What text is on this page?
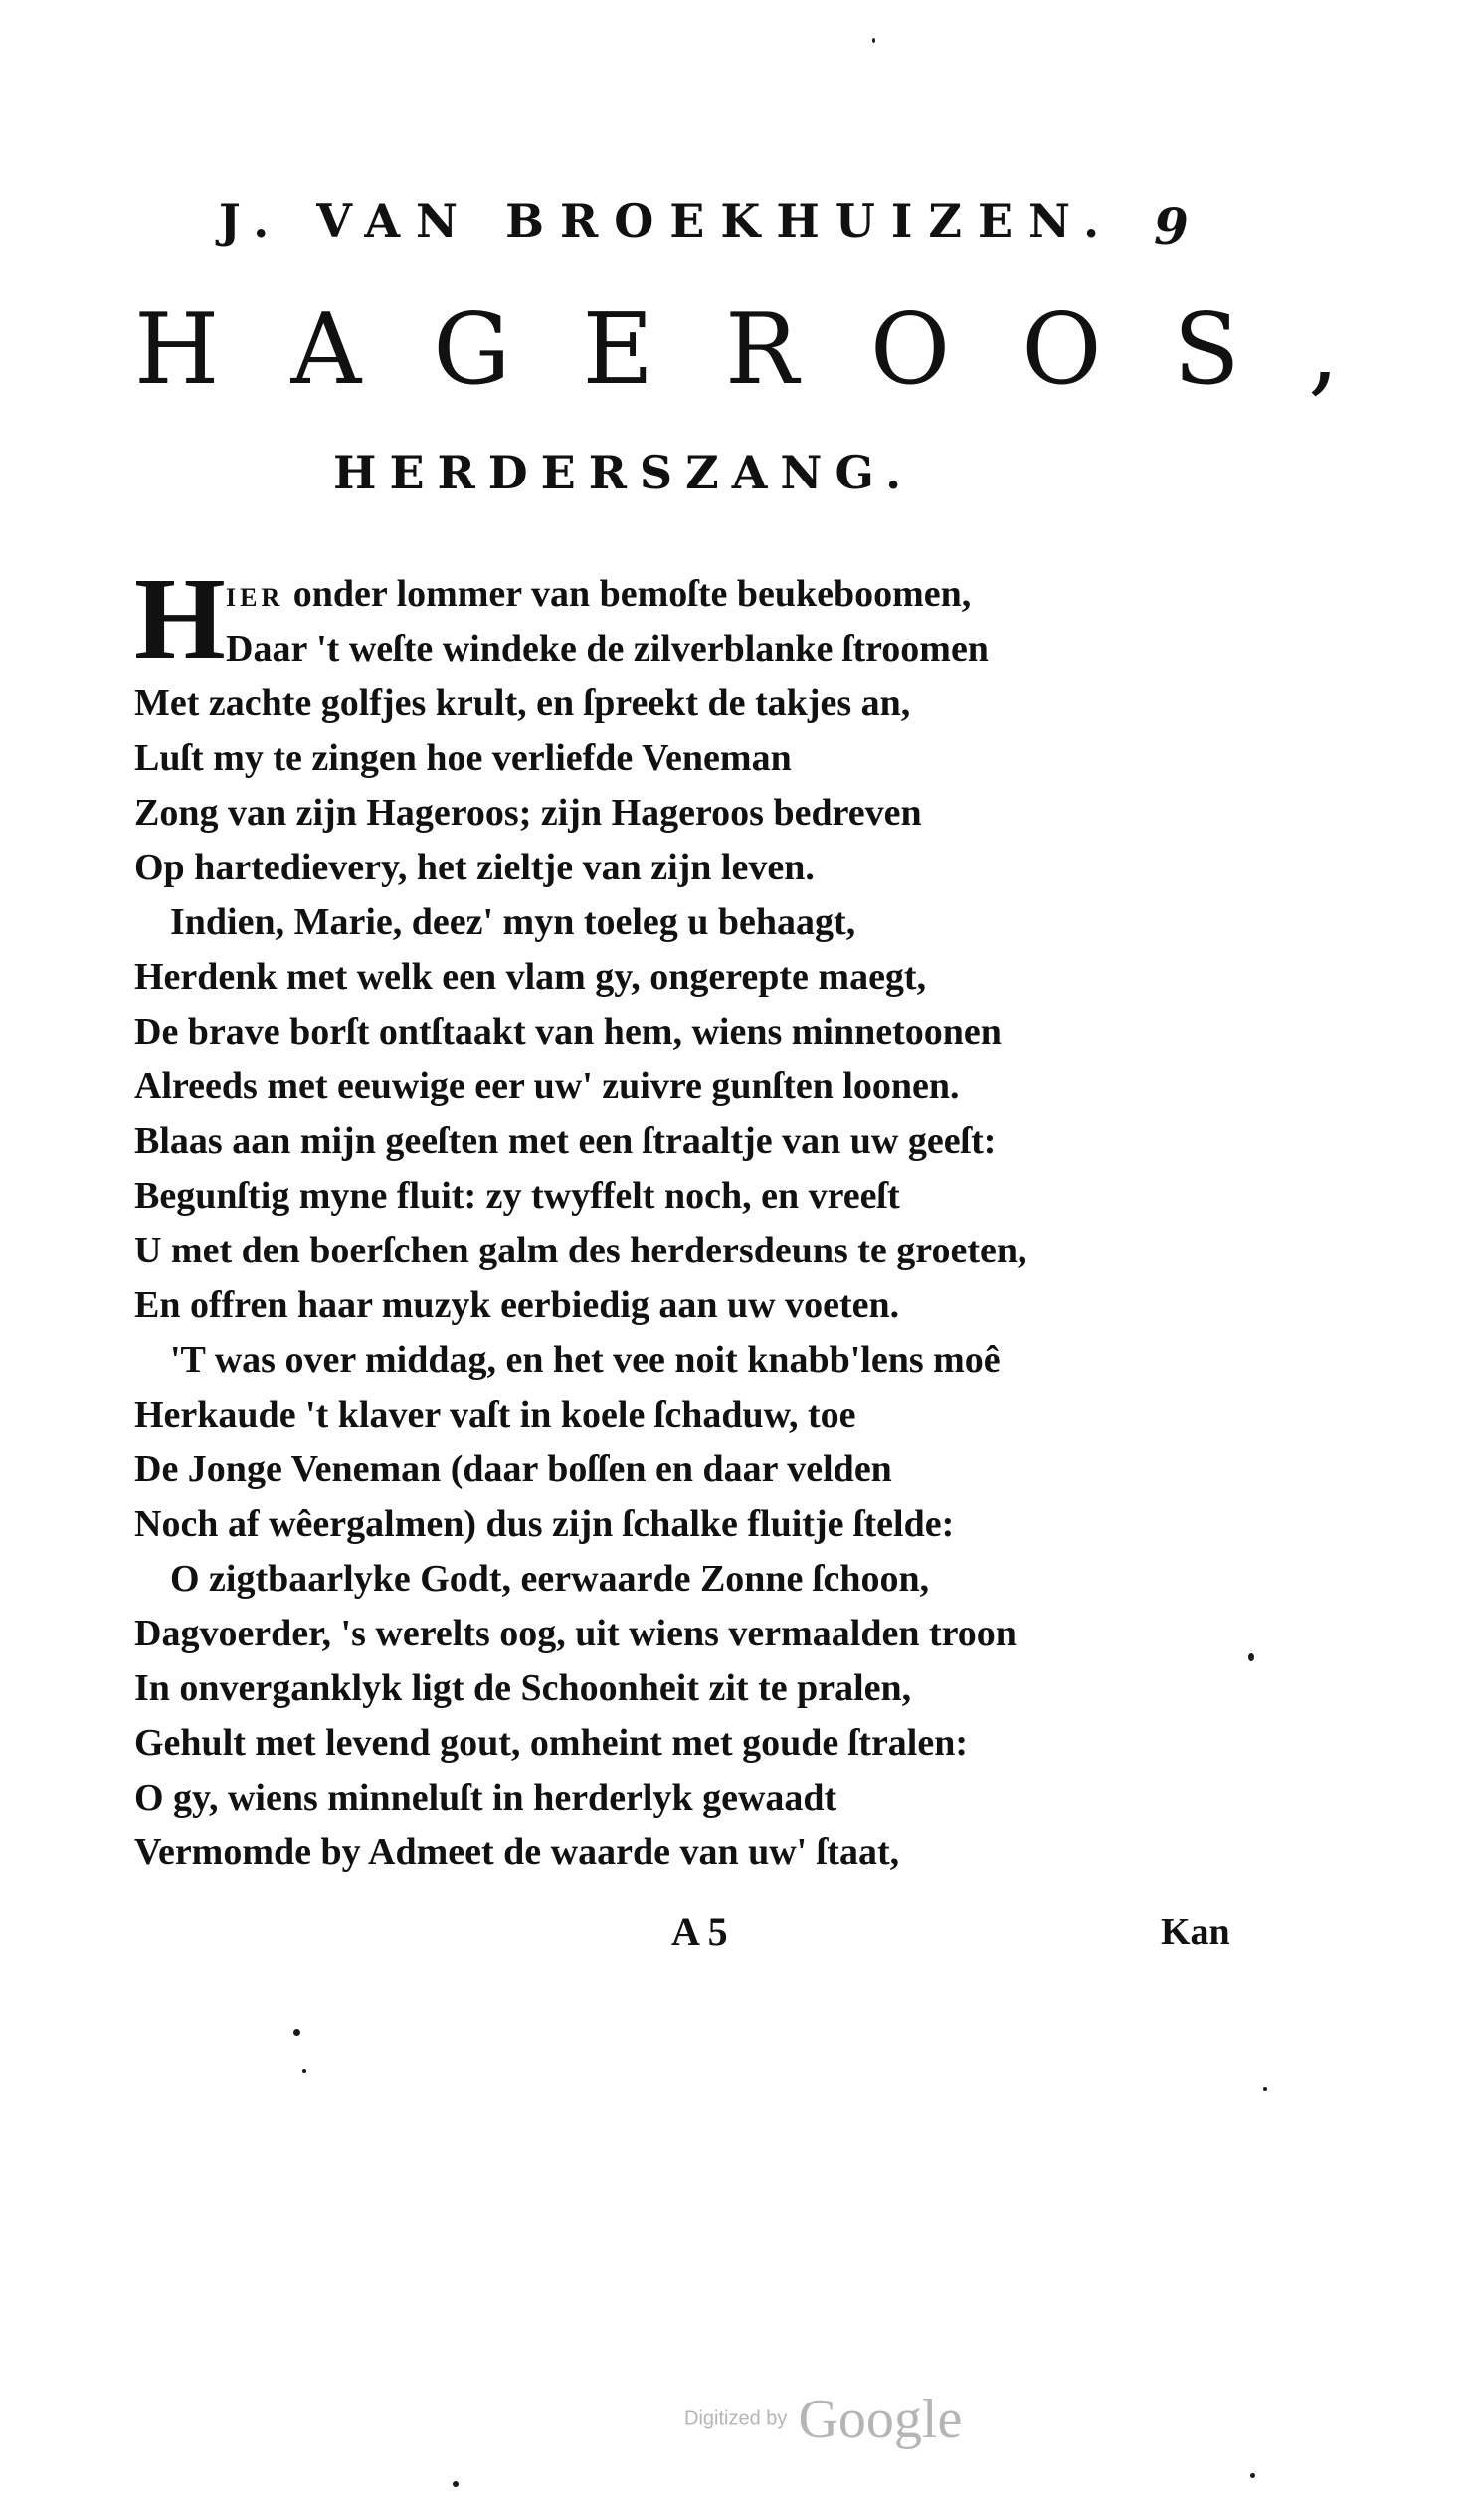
J. VAN BROEKHUIZEN. 9
HAGEROOS,
HERDERSZANG.
H IER onder lommer van bemoſte beukeboomen,
Daar 't weſte windeke de zilverblanke ſtroomen
Met zachte golfjes krult, en ſpreekt de takjes an,
Luſt my te zingen hoe verliefde Veneman
Zong van zijn Hageroos; zijn Hageroos bedreven
Op hartedievery, het zieltje van zijn leven.
Indien, Marie, deez' myn toeleg u behaagt,
Herdenk met welk een vlam gy, ongerepte maegt,
De brave borſt ontſtaakt van hem, wiens minnetoonen
Alreeds met eeuwige eer uw' zuivre gunſten loonen.
Blaas aan mijn geeſten met een ſtraaltje van uw geeſt:
Begunſtig myne fluit: zy twyffelt noch, en vreeſt
U met den boerſchen galm des herdersdeuns te groeten,
En offren haar muzyk eerbiedig aan uw voeten.
'T was over middag, en het vee noit knabb'lens moê
Herkaude 't klaver vaſt in koele ſchaduw, toe
De Jonge Veneman (daar boſſen en daar velden
Noch af wêergalmen) dus zijn ſchalke fluitje ſtelde:
O zigtbaarlyke Godt, eerwaarde Zonne ſchoon,
Dagvoerder, 's werelts oog, uit wiens vermaalden troon
In onverganklyk ligt de Schoonheit zit te pralen,
Gehult met levend gout, omheint met goude ſtralen:
O gy, wiens minneluſt in herderlyk gewaadt
Vermomde by Admeet de waarde van uw' ſtaat,
A 5	Kan
Digitized by Google
